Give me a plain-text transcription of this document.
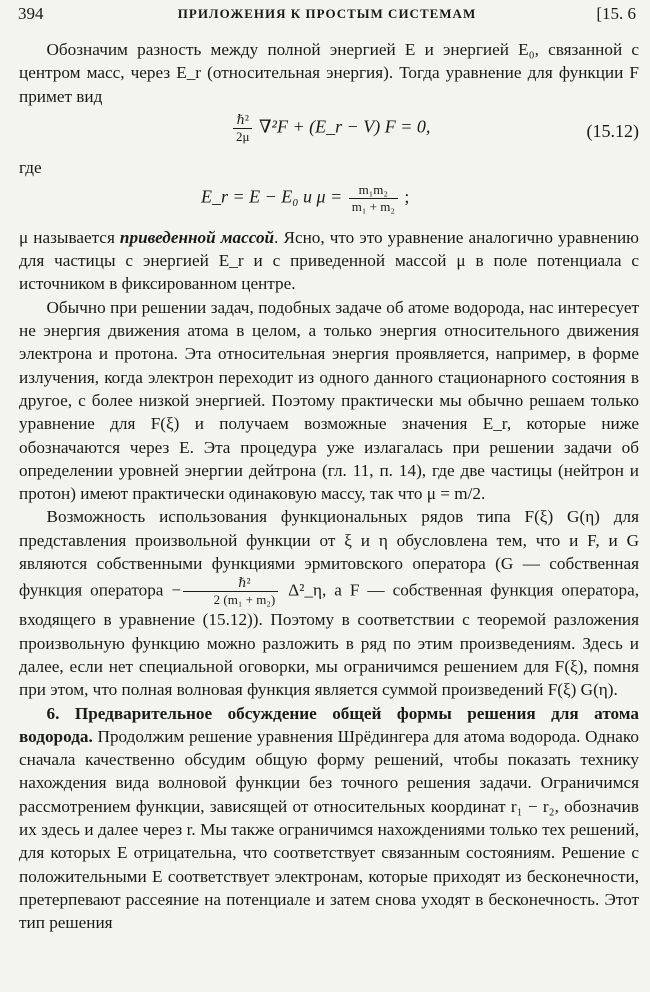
394	ПРИЛОЖЕНИЯ К ПРОСТЫМ СИСТЕМАМ	[15. 6

Обозначим разность между полной энергией E и энергией E₀, связанной с центром масс, через E_r (относительная энергия). Тогда уравнение для функции F примет вид

$\frac{\text{ℏ²}}{2\mu} \nabla^2F$ + (E_r − V) F = 0,	(15.12)

где

E_r = E − E₀ и $\mu = \frac{\text{m₁m₂}}{\text{m₁ + m₂}}$ ;

μ называется приведенной массой. Ясно, что это уравнение аналогично уравнению для частицы с энергией E_r и с приведенной массой μ в поле потенциала с источником в фиксированном центре.

Обычно при решении задач, подобных задаче об атоме водорода, нас интересует не энергия движения атома в целом, а только энергия относительного движения электрона и протона. Эта относительная энергия проявляется, например, в форме излучения, когда электрон переходит из одного данного стационарного состояния в другое, с более низкой энергией. Поэтому практически мы обычно решаем только уравнение для F(ξ) и получаем возможные значения E_r, которые ниже обозначаются через E. Эта процедура уже излагалась при решении задачи об определении уровней энергии дейтрона (гл. 11, п. 14), где две частицы (нейтрон и протон) имеют практически одинаковую массу, так что μ = m/2.

Возможность использования функциональных рядов типа F(ξ) G(η) для представления произвольной функции от ξ и η обусловлена тем, что и F, и G являются собственными функциями эрмитовского оператора (G — собственная функция оператора − $\frac{\text{ℏ²}}{\text{2 (m₁ + m₂)}}$ Δ²_η, а F — собственная функция оператора, входящего в уравнение (15.12)). Поэтому в соответствии с теоремой разложения произвольную функцию можно разложить в ряд по этим произведениям. Здесь и далее, если нет специальной оговорки, мы ограничимся решением для F(ξ), помня при этом, что полная волновая функция является суммой произведений F(ξ) G(η).

6. Предварительное обсуждение общей формы решения для атома водорода. Продолжим решение уравнения Шрёдингера для атома водорода. Однако сначала качественно обсудим общую форму решений, чтобы показать технику нахождения вида волновой функции без точного решения задачи. Ограничимся рассмотрением функции, зависящей от относительных координат r₁ − r₂, обозначив их здесь и далее через r. Мы также ограничимся нахождениями только тех решений, для которых E отрицательна, что соответствует связанным состояниям. Решение с положительными E соответствует электронам, которые приходят из бесконечности, претерпевают рассеяние на потенциале и затем снова уходят в бесконечность. Этот тип решения
